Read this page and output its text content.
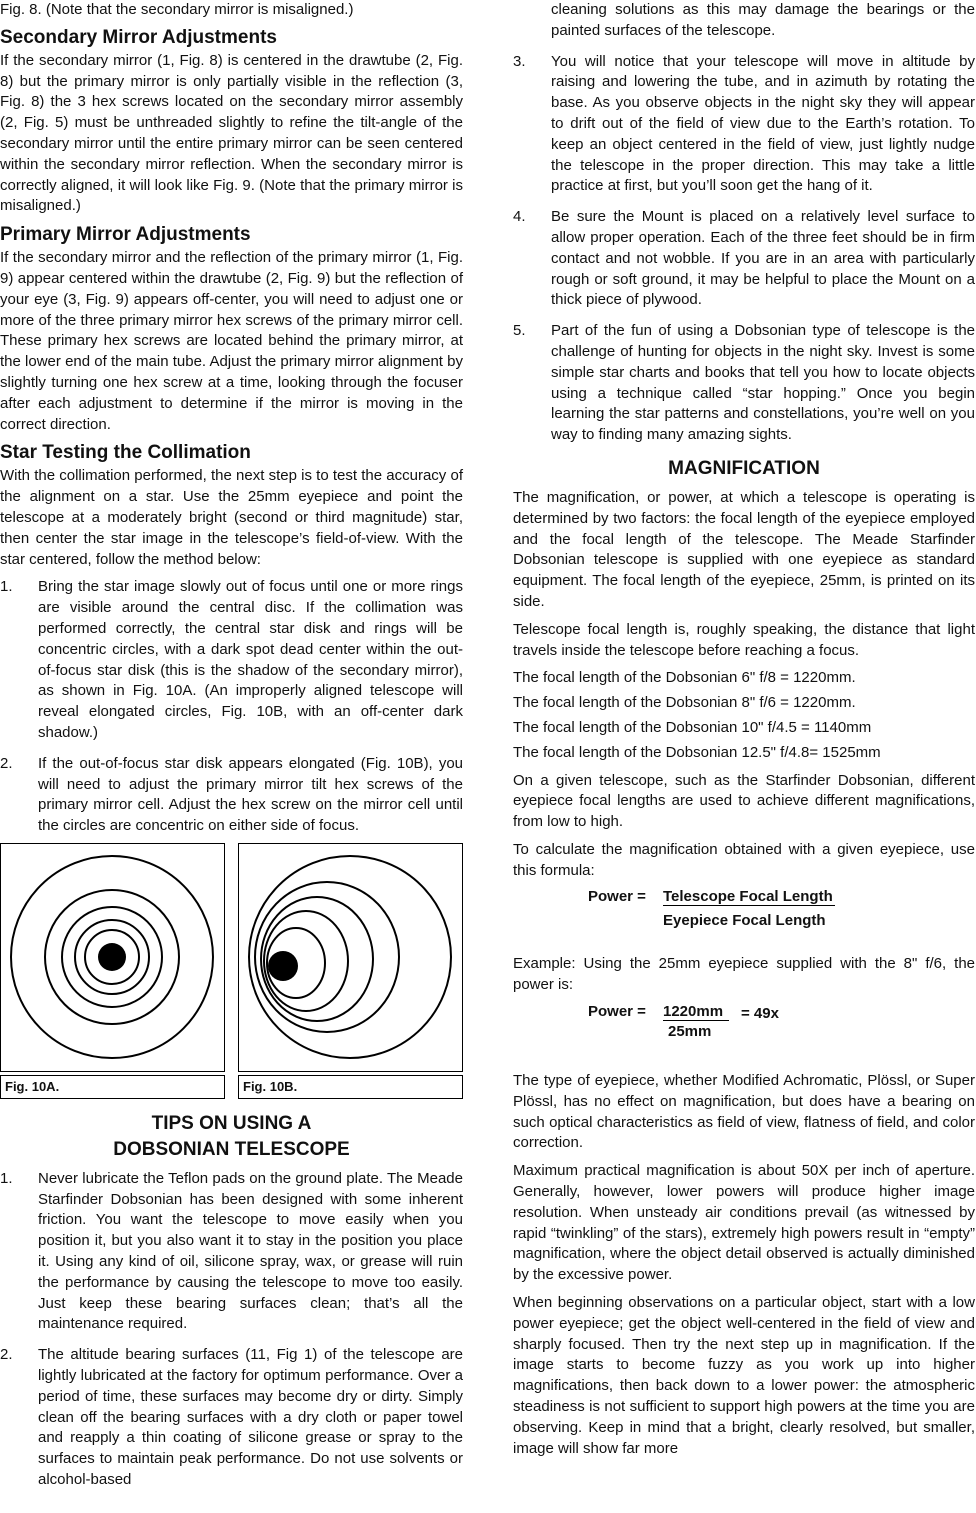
Fig. 8. (Note that the secondary mirror is misaligned.)

Secondary Mirror Adjustments

If the secondary mirror (1, Fig. 8) is centered in the drawtube (2, Fig. 8) but the primary mirror is only partially visible in the reflection (3, Fig. 8) the 3 hex screws located on the secondary mirror assembly (2, Fig. 5) must be unthreaded slightly to refine the tilt-angle of the secondary mirror until the entire primary mirror can be seen centered within the secondary mirror reflection. When the secondary mirror is correctly aligned, it will look like Fig. 9. (Note that the primary mirror is misaligned.)

Primary Mirror Adjustments

If the secondary mirror and the reflection of the primary mirror (1, Fig. 9) appear centered within the drawtube (2, Fig. 9) but the reflection of your eye (3, Fig. 9) appears off-center, you will need to adjust one or more of the three primary mirror hex screws of the primary mirror cell. These primary hex screws are located behind the primary mirror, at the lower end of the main tube. Adjust the primary mirror alignment by slightly turning one hex screw at a time, looking through the focuser after each adjustment to determine if the mirror is moving in the correct direction.

Star Testing the Collimation

With the collimation performed, the next step is to test the accuracy of the alignment on a star. Use the 25mm eyepiece and point the telescope at a moderately bright (second or third magnitude) star, then center the star image in the telescope’s field-of-view. With the star centered, follow the method below:

1. Bring the star image slowly out of focus until one or more rings are visible around the central disc. If the collimation was performed correctly, the central star disk and rings will be concentric circles, with a dark spot dead center within the out-of-focus star disk (this is the shadow of the secondary mirror), as shown in Fig. 10A. (An improperly aligned telescope will reveal elongated circles, Fig. 10B, with an off-center dark shadow.)
2. If the out-of-focus star disk appears elongated (Fig. 10B), you will need to adjust the primary mirror tilt hex screws of the primary mirror cell. Adjust the hex screw on the mirror cell until the circles are concentric on either side of focus.
Fig. 10A.	Fig. 10B.
TIPS ON USING A
DOBSONIAN TELESCOPE
1. Never lubricate the Teflon pads on the ground plate. The Meade Starfinder Dobsonian has been designed with some inherent friction. You want the telescope to move easily when you position it, but you also want it to stay in the position you place it. Using any kind of oil, silicone spray, wax, or grease will ruin the performance by causing the telescope to move too easily. Just keep these bearing surfaces clean; that’s all the maintenance required.
2. The altitude bearing surfaces (11, Fig 1) of the telescope are lightly lubricated at the factory for optimum performance. Over a period of time, these surfaces may become dry or dirty. Simply clean off the bearing surfaces with a dry cloth or paper towel and reapply a thin coating of silicone grease or spray to the surfaces to maintain peak performance. Do not use solvents or alcohol-based

cleaning solutions as this may damage the bearings or the painted surfaces of the telescope.

3. You will notice that your telescope will move in altitude by raising and lowering the tube, and in azimuth by rotating the base. As you observe objects in the night sky they will appear to drift out of the field of view due to the Earth’s rotation. To keep an object centered in the field of view, just lightly nudge the telescope in the proper direction. This may take a little practice at first, but you’ll soon get the hang of it.
4. Be sure the Mount is placed on a relatively level surface to allow proper operation. Each of the three feet should be in firm contact and not wobble. If you are in an area with particularly rough or soft ground, it may be helpful to place the Mount on a thick piece of plywood.
5. Part of the fun of using a Dobsonian type of telescope is the challenge of hunting for objects in the night sky. Invest is some simple star charts and books that tell you how to locate objects using a technique called “star hopping.” Once you begin learning the star patterns and constellations, you’re well on you way to finding many amazing sights.
MAGNIFICATION

The magnification, or power, at which a telescope is operating is determined by two factors: the focal length of the eyepiece employed and the focal length of the telescope. The Meade Starfinder Dobsonian telescope is supplied with one eyepiece as standard equipment. The focal length of the eyepiece, 25mm, is printed on its side.

Telescope focal length is, roughly speaking, the distance that light travels inside the telescope before reaching a focus.

The focal length of the Dobsonian 6" f/8 = 1220mm.

The focal length of the Dobsonian 8" f/6 = 1220mm.

The focal length of the Dobsonian 10" f/4.5 = 1140mm

The focal length of the Dobsonian 12.5" f/4.8= 1525mm

On a given telescope, such as the Starfinder Dobsonian, different eyepiece focal lengths are used to achieve different magnifications, from low to high.

To calculate the magnification obtained with a given eyepiece, use this formula:

Power = Telescope Focal Length
Eyepiece Focal Length

Example: Using the 25mm eyepiece supplied with the 8" f/6, the power is:

Power = 1220mm	= 49x
25mm

The type of eyepiece, whether Modified Achromatic, Plössl, or Super Plössl, has no effect on magnification, but does have a bearing on such optical characteristics as field of view, flatness of field, and color correction.

Maximum practical magnification is about 50X per inch of aperture. Generally, however, lower powers will produce higher image resolution. When unsteady air conditions prevail (as witnessed by rapid “twinkling” of the stars), extremely high powers result in “empty” magnification, where the object detail observed is actually diminished by the excessive power.

When beginning observations on a particular object, start with a low power eyepiece; get the object well-centered in the field of view and sharply focused. Then try the next step up in magnification. If the image starts to become fuzzy as you work up into higher magnifications, then back down to a lower power: the atmospheric steadiness is not sufficient to support high powers at the time you are observing. Keep in mind that a bright, clearly resolved, but smaller, image will show far more
